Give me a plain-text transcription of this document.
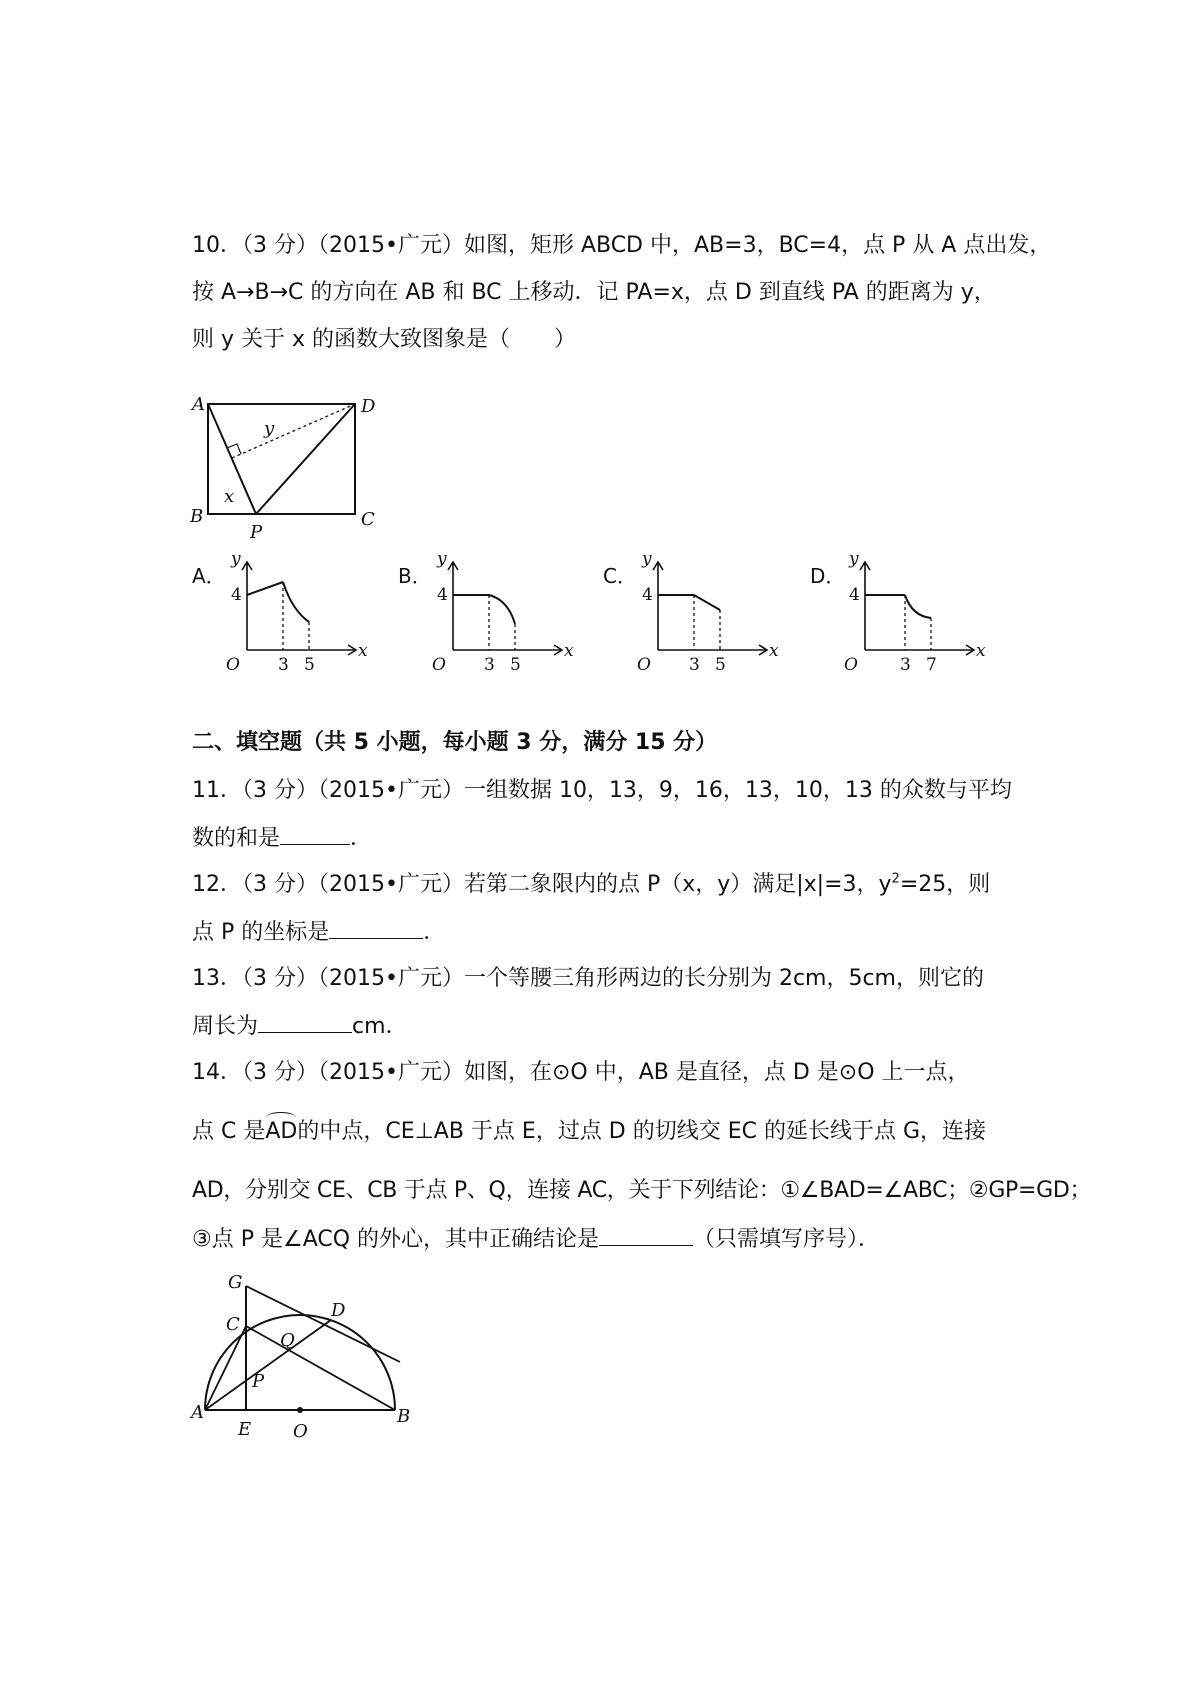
10．（3 分）（2015•广元）如图，矩形 ABCD 中，AB=3，BC=4，点 P 从 A 点出发，
按 A→B→C 的方向在 AB 和 BC 上移动．记 PA=x，点 D 到直线 PA 的距离为 y，
则 y 关于 x 的函数大致图象是（　　）
A	D
B	C
P
x
y
A．	B．	C．	D．
y
4
O 3 5
x
y
4
O 3 5
x
y
4
O 3 5
x
y
4
O 3 7
x
二、填空题（共 5 小题，每小题 3 分，满分 15 分）
11．（3 分）（2015•广元）一组数据 10，13，9，16，13，10，13 的众数与平均
数的和是	．
12．（3 分）（2015•广元）若第二象限内的点 P（x，y）满足|x|=3，$y^2=25$，则
点 P 的坐标是	．
13．（3 分）（2015•广元）一个等腰三角形两边的长分别为 2cm，5cm，则它的
周长为	cm．
14．（3 分）（2015•广元）如图，在⊙O 中，AB 是直径，点 D 是⊙O 上一点，
点 C 是AD的中点，CE⊥AB 于点 E，过点 D 的切线交 EC 的延长线于点 G，连接
AD，分别交 CE、CB 于点 P、Q，连接 AC，关于下列结论：①∠BAD=∠ABC；②GP=GD；
③点 P 是∠ACQ 的外心，其中正确结论是	（只需填写序号）．
G
C
D
Q
P
A
E O
B
